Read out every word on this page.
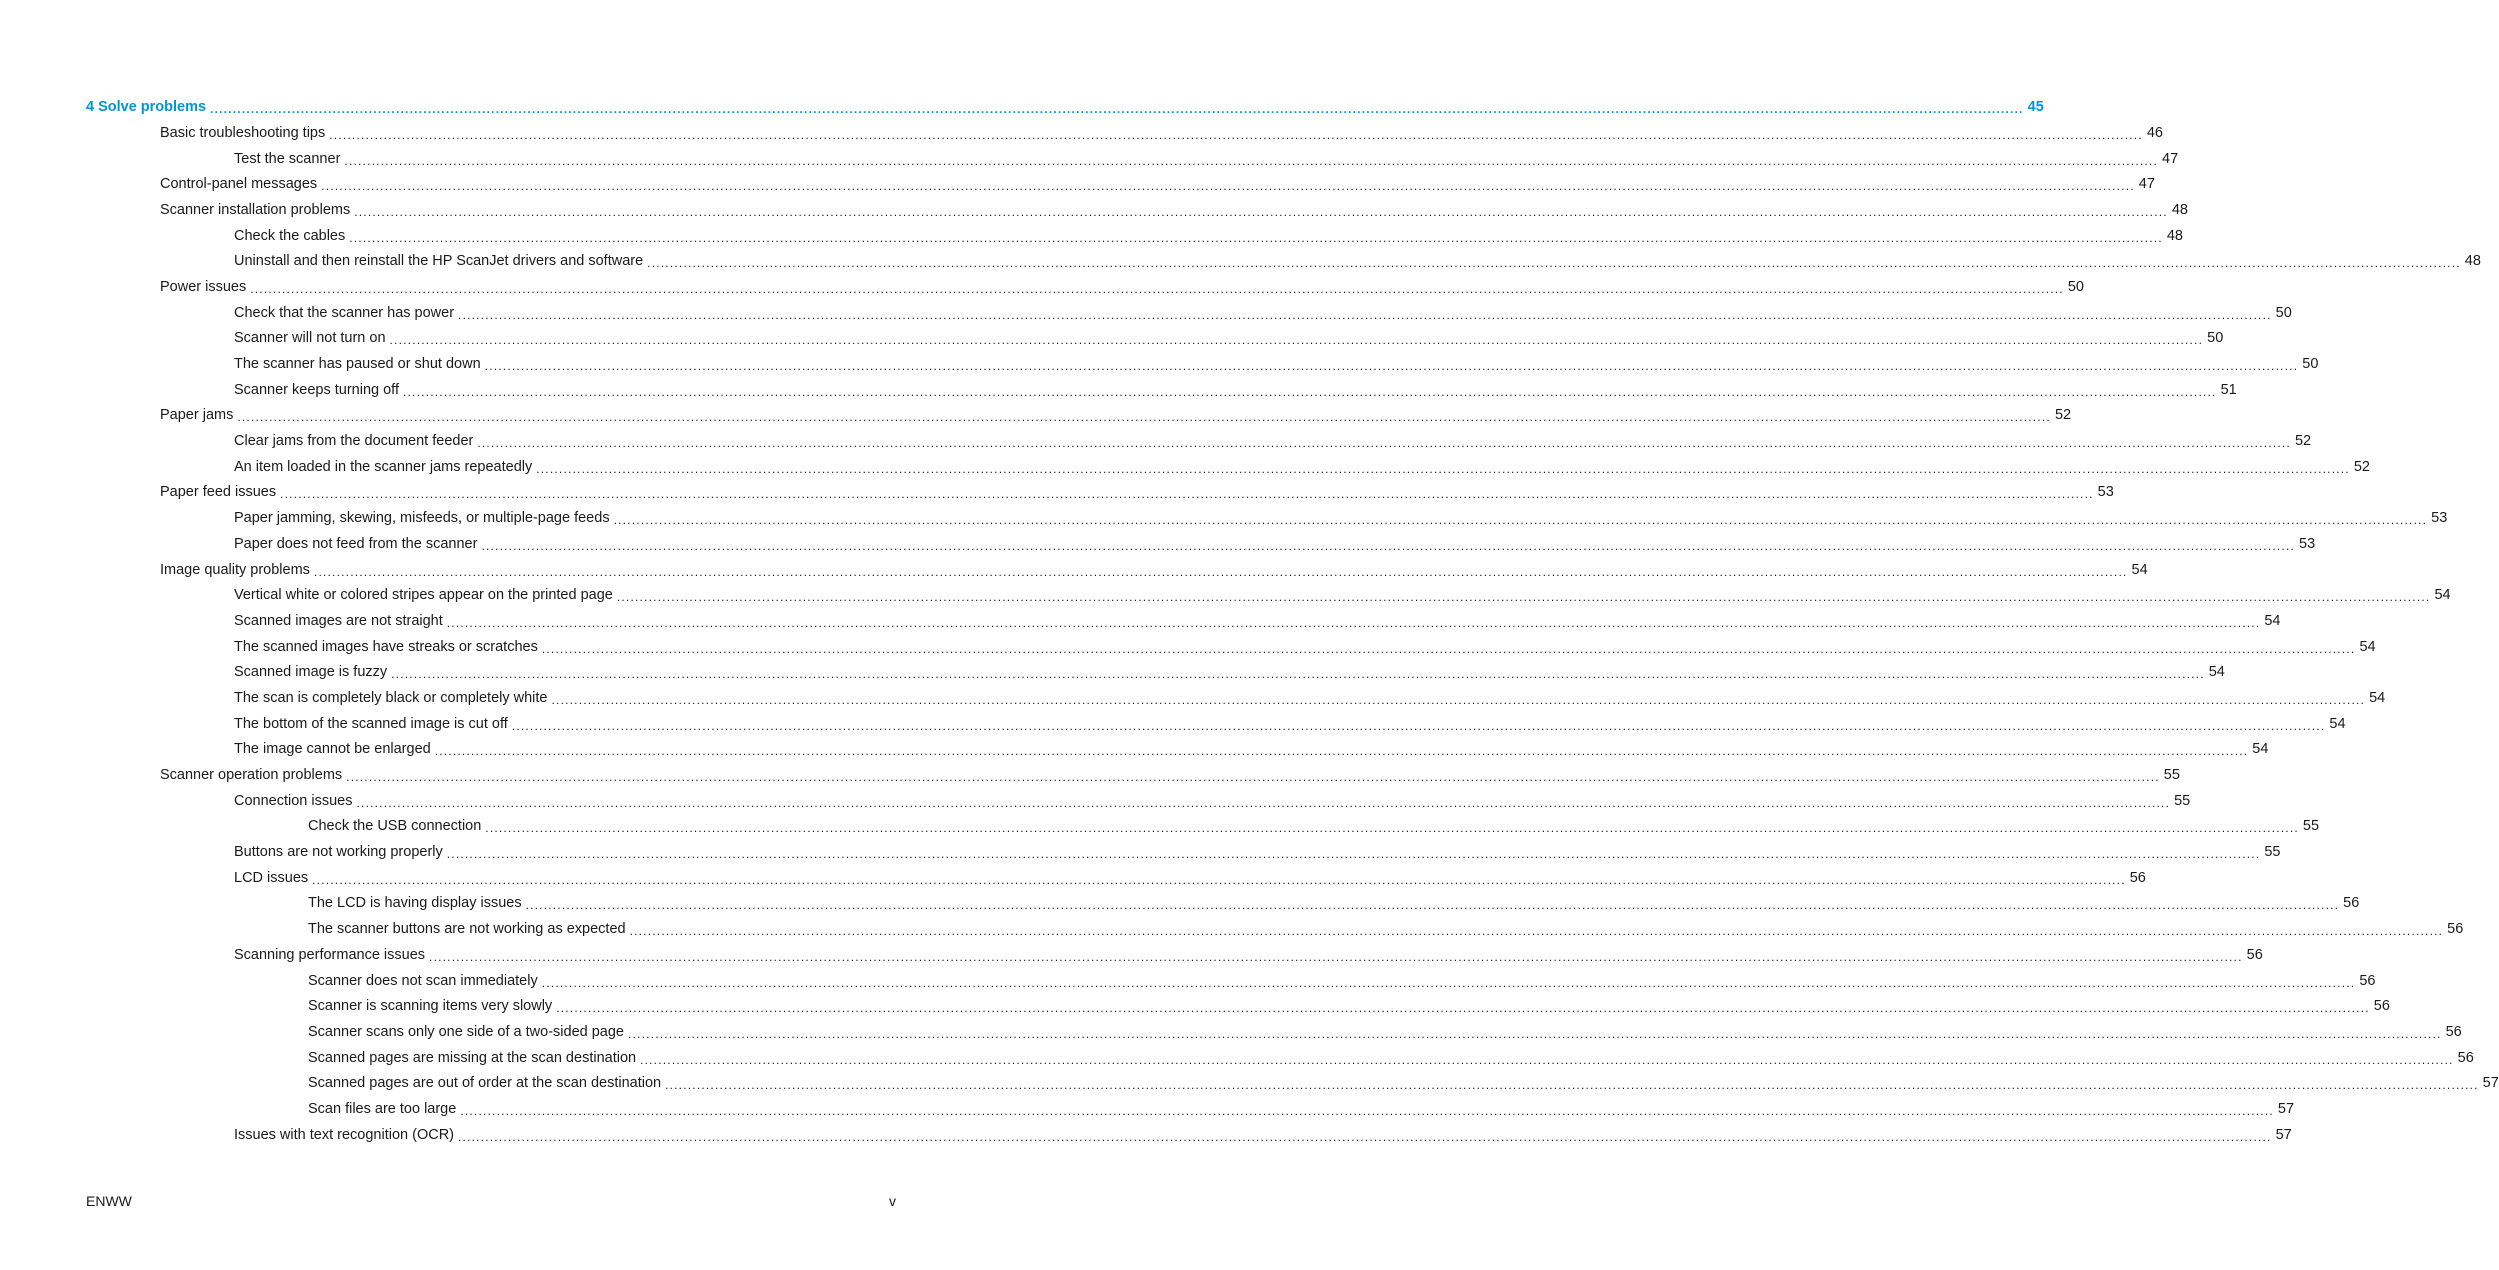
4 Solve problems ................................................................................................................................................................................................................................................................................................................................................................................................................ 45
Basic troubleshooting tips ................................................................................................................................................................................................................................................................................................................................................................................................................ 46
Test the scanner ................................................................................................................................................................................................................................................................................................................................................................................................................ 47
Control-panel messages ................................................................................................................................................................................................................................................................................................................................................................................................................ 47
Scanner installation problems ................................................................................................................................................................................................................................................................................................................................................................................................................ 48
Check the cables ................................................................................................................................................................................................................................................................................................................................................................................................................ 48
Uninstall and then reinstall the HP ScanJet drivers and software ................................................................................................................................................................................................................................................................................................................................................................................................................ 48
Power issues ................................................................................................................................................................................................................................................................................................................................................................................................................ 50
Check that the scanner has power ................................................................................................................................................................................................................................................................................................................................................................................................................ 50
Scanner will not turn on ................................................................................................................................................................................................................................................................................................................................................................................................................ 50
The scanner has paused or shut down ................................................................................................................................................................................................................................................................................................................................................................................................................ 50
Scanner keeps turning off ................................................................................................................................................................................................................................................................................................................................................................................................................ 51
Paper jams ................................................................................................................................................................................................................................................................................................................................................................................................................ 52
Clear jams from the document feeder ................................................................................................................................................................................................................................................................................................................................................................................................................ 52
An item loaded in the scanner jams repeatedly ................................................................................................................................................................................................................................................................................................................................................................................................................ 52
Paper feed issues ................................................................................................................................................................................................................................................................................................................................................................................................................ 53
Paper jamming, skewing, misfeeds, or multiple-page feeds ................................................................................................................................................................................................................................................................................................................................................................................................................ 53
Paper does not feed from the scanner ................................................................................................................................................................................................................................................................................................................................................................................................................ 53
Image quality problems ................................................................................................................................................................................................................................................................................................................................................................................................................ 54
Vertical white or colored stripes appear on the printed page ................................................................................................................................................................................................................................................................................................................................................................................................................ 54
Scanned images are not straight ................................................................................................................................................................................................................................................................................................................................................................................................................ 54
The scanned images have streaks or scratches ................................................................................................................................................................................................................................................................................................................................................................................................................ 54
Scanned image is fuzzy ................................................................................................................................................................................................................................................................................................................................................................................................................ 54
The scan is completely black or completely white ................................................................................................................................................................................................................................................................................................................................................................................................................ 54
The bottom of the scanned image is cut off ................................................................................................................................................................................................................................................................................................................................................................................................................ 54
The image cannot be enlarged ................................................................................................................................................................................................................................................................................................................................................................................................................ 54
Scanner operation problems ................................................................................................................................................................................................................................................................................................................................................................................................................ 55
Connection issues ................................................................................................................................................................................................................................................................................................................................................................................................................ 55
Check the USB connection ................................................................................................................................................................................................................................................................................................................................................................................................................ 55
Buttons are not working properly ................................................................................................................................................................................................................................................................................................................................................................................................................ 55
LCD issues ................................................................................................................................................................................................................................................................................................................................................................................................................ 56
The LCD is having display issues ................................................................................................................................................................................................................................................................................................................................................................................................................ 56
The scanner buttons are not working as expected ................................................................................................................................................................................................................................................................................................................................................................................................................ 56
Scanning performance issues ................................................................................................................................................................................................................................................................................................................................................................................................................ 56
Scanner does not scan immediately ................................................................................................................................................................................................................................................................................................................................................................................................................ 56
Scanner is scanning items very slowly ................................................................................................................................................................................................................................................................................................................................................................................................................ 56
Scanner scans only one side of a two-sided page ................................................................................................................................................................................................................................................................................................................................................................................................................ 56
Scanned pages are missing at the scan destination ................................................................................................................................................................................................................................................................................................................................................................................................................ 56
Scanned pages are out of order at the scan destination ................................................................................................................................................................................................................................................................................................................................................................................................................ 57
Scan files are too large ................................................................................................................................................................................................................................................................................................................................................................................................................ 57
Issues with text recognition (OCR) ................................................................................................................................................................................................................................................................................................................................................................................................................ 57
ENWW	v
